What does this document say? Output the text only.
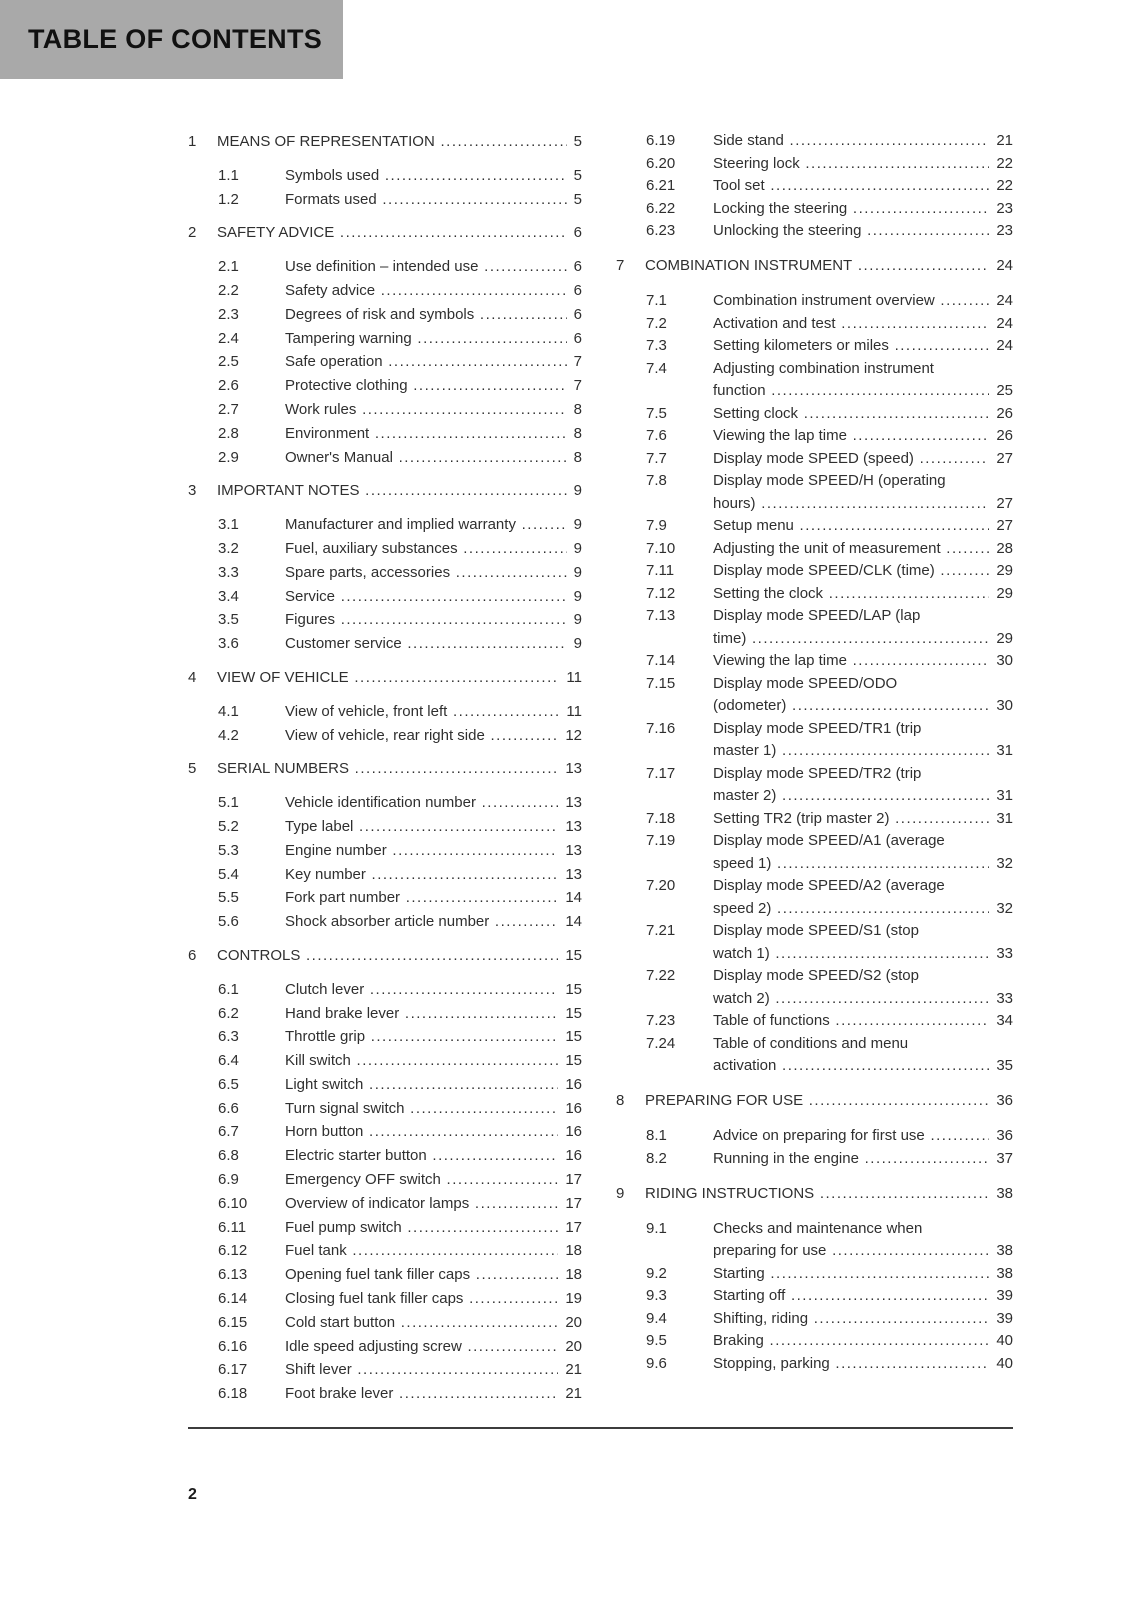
TABLE OF CONTENTS
1	MEANS OF REPRESENTATION .....	5
1.1	Symbols used .....	5
1.2	Formats used .....	5
2	SAFETY ADVICE .....	6
2.1	Use definition – intended use .....	6
2.2	Safety advice .....	6
2.3	Degrees of risk and symbols .....	6
2.4	Tampering warning .....	6
2.5	Safe operation .....	7
2.6	Protective clothing .....	7
2.7	Work rules .....	8
2.8	Environment .....	8
2.9	Owner's Manual .....	8
3	IMPORTANT NOTES .....	9
3.1	Manufacturer and implied warranty .....	9
3.2	Fuel, auxiliary substances .....	9
3.3	Spare parts, accessories .....	9
3.4	Service .....	9
3.5	Figures .....	9
3.6	Customer service .....	9
4	VIEW OF VEHICLE .....	11
4.1	View of vehicle, front left .....	11
4.2	View of vehicle, rear right side .....	12
5	SERIAL NUMBERS .....	13
5.1	Vehicle identification number .....	13
5.2	Type label .....	13
5.3	Engine number .....	13
5.4	Key number .....	13
5.5	Fork part number .....	14
5.6	Shock absorber article number .....	14
6	CONTROLS .....	15
6.1	Clutch lever .....	15
6.2	Hand brake lever .....	15
6.3	Throttle grip .....	15
6.4	Kill switch .....	15
6.5	Light switch .....	16
6.6	Turn signal switch .....	16
6.7	Horn button .....	16
6.8	Electric starter button .....	16
6.9	Emergency OFF switch .....	17
6.10	Overview of indicator lamps .....	17
6.11	Fuel pump switch .....	17
6.12	Fuel tank .....	18
6.13	Opening fuel tank filler caps .....	18
6.14	Closing fuel tank filler caps .....	19
6.15	Cold start button .....	20
6.16	Idle speed adjusting screw .....	20
6.17	Shift lever .....	21
6.18	Foot brake lever .....	21
6.19	Side stand .....	21
6.20	Steering lock .....	22
6.21	Tool set .....	22
6.22	Locking the steering .....	23
6.23	Unlocking the steering .....	23
7	COMBINATION INSTRUMENT .....	24
7.1	Combination instrument overview .....	24
7.2	Activation and test .....	24
7.3	Setting kilometers or miles .....	24
7.4	Adjusting combination instrument
function .....	25
7.5	Setting clock .....	26
7.6	Viewing the lap time .....	26
7.7	Display mode SPEED (speed) .....	27
7.8	Display mode SPEED/H (operating
hours) .....	27
7.9	Setup menu .....	27
7.10	Adjusting the unit of measurement .....	28
7.11	Display mode SPEED/CLK (time) .....	29
7.12	Setting the clock .....	29
7.13	Display mode SPEED/LAP (lap
time) .....	29
7.14	Viewing the lap time .....	30
7.15	Display mode SPEED/ODO
(odometer) .....	30
7.16	Display mode SPEED/TR1 (trip
master 1) .....	31
7.17	Display mode SPEED/TR2 (trip
master 2) .....	31
7.18	Setting TR2 (trip master 2) .....	31
7.19	Display mode SPEED/A1 (average
speed 1) .....	32
7.20	Display mode SPEED/A2 (average
speed 2) .....	32
7.21	Display mode SPEED/S1 (stop
watch 1) .....	33
7.22	Display mode SPEED/S2 (stop
watch 2) .....	33
7.23	Table of functions .....	34
7.24	Table of conditions and menu
activation .....	35
8	PREPARING FOR USE .....	36
8.1	Advice on preparing for first use .....	36
8.2	Running in the engine .....	37
9	RIDING INSTRUCTIONS .....	38
9.1	Checks and maintenance when
preparing for use .....	38
9.2	Starting .....	38
9.3	Starting off .....	39
9.4	Shifting, riding .....	39
9.5	Braking .....	40
9.6	Stopping, parking .....	40
2
